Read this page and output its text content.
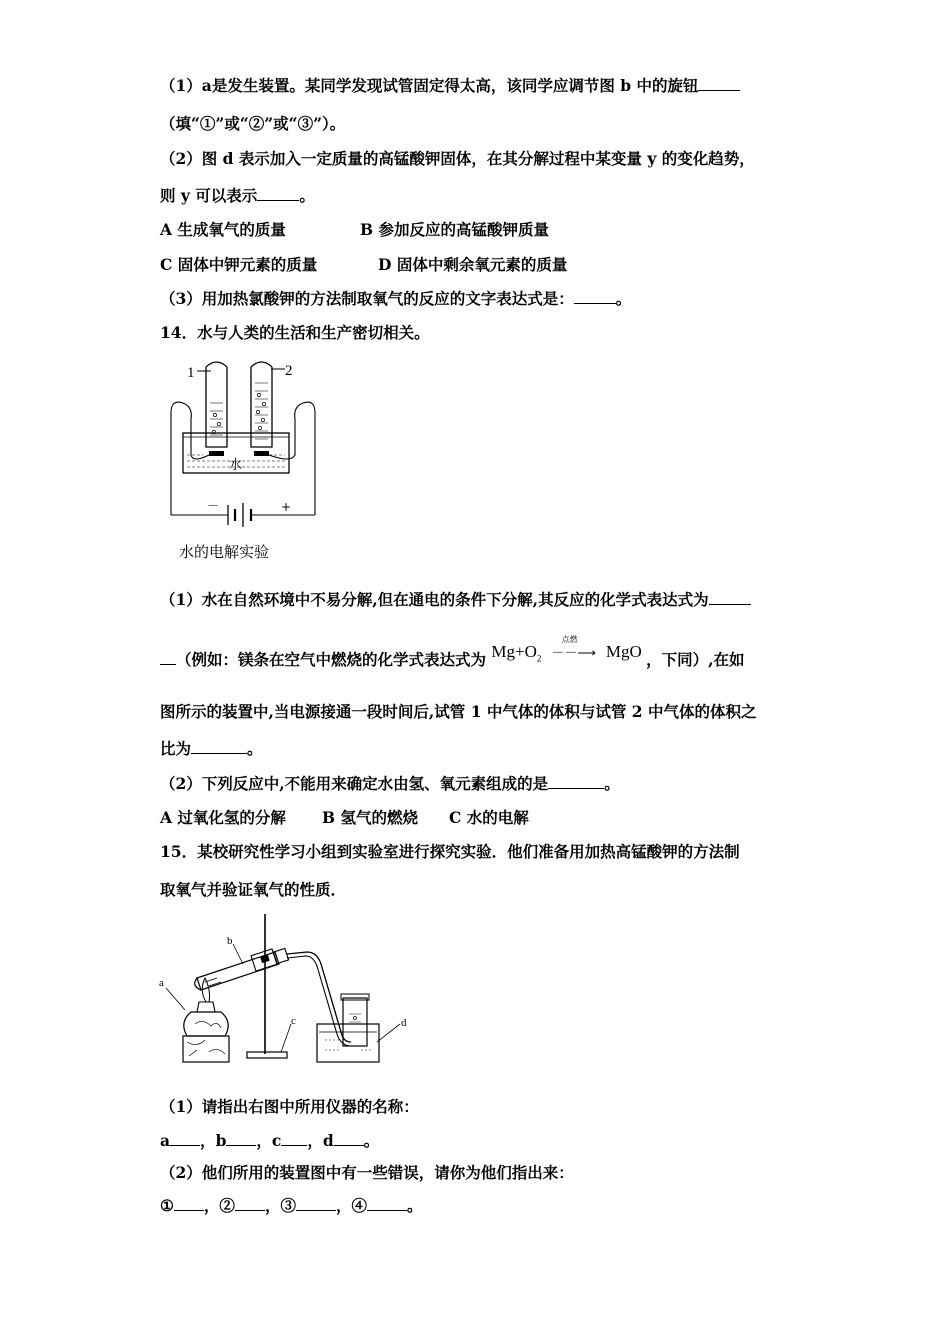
（1）a是发生装置。某同学发现试管固定得太高，该同学应调节图 b 中的旋钮
（填“①”或“②”或“③”）。
（2）图 d 表示加入一定质量的高锰酸钾固体，在其分解过程中某变量 y 的变化趋势，
则 y 可以表示	。
A 生成氧气的质量	B 参加反应的高锰酸钾质量
C 固体中钾元素的质量	D 固体中剩余氧元素的质量
（3）用加热氯酸钾的方法制取氧气的反应的文字表达式是：	。
14．水与人类的生活和生产密切相关。
1	2
水
－	+
水的电解实验
（1）水在自然环境中不易分解,但在通电的条件下分解,其反应的化学式表达式为
（例如：镁条在空气中燃烧的化学式表达式为 $Mg+O_2$
点燃
－－⟶ MgO ，下同）,在如
图所示的装置中,当电源接通一段时间后,试管 1 中气体的体积与试管 2 中气体的体积之
比为	。
（2）下列反应中,不能用来确定水由氢、氧元素组成的是	。
A 过氧化氢的分解 B 氢气的燃烧 C 水的电解
15．某校研究性学习小组到实验室进行探究实验．他们准备用加热高锰酸钾的方法制
取氧气并验证氧气的性质．
b
a
c	d
（1）请指出右图中所用仪器的名称：
a ，b ，c ，d 。
（2）他们所用的装置图中有一些错误，请你为他们指出来：
① ，② ，③	，④	。
